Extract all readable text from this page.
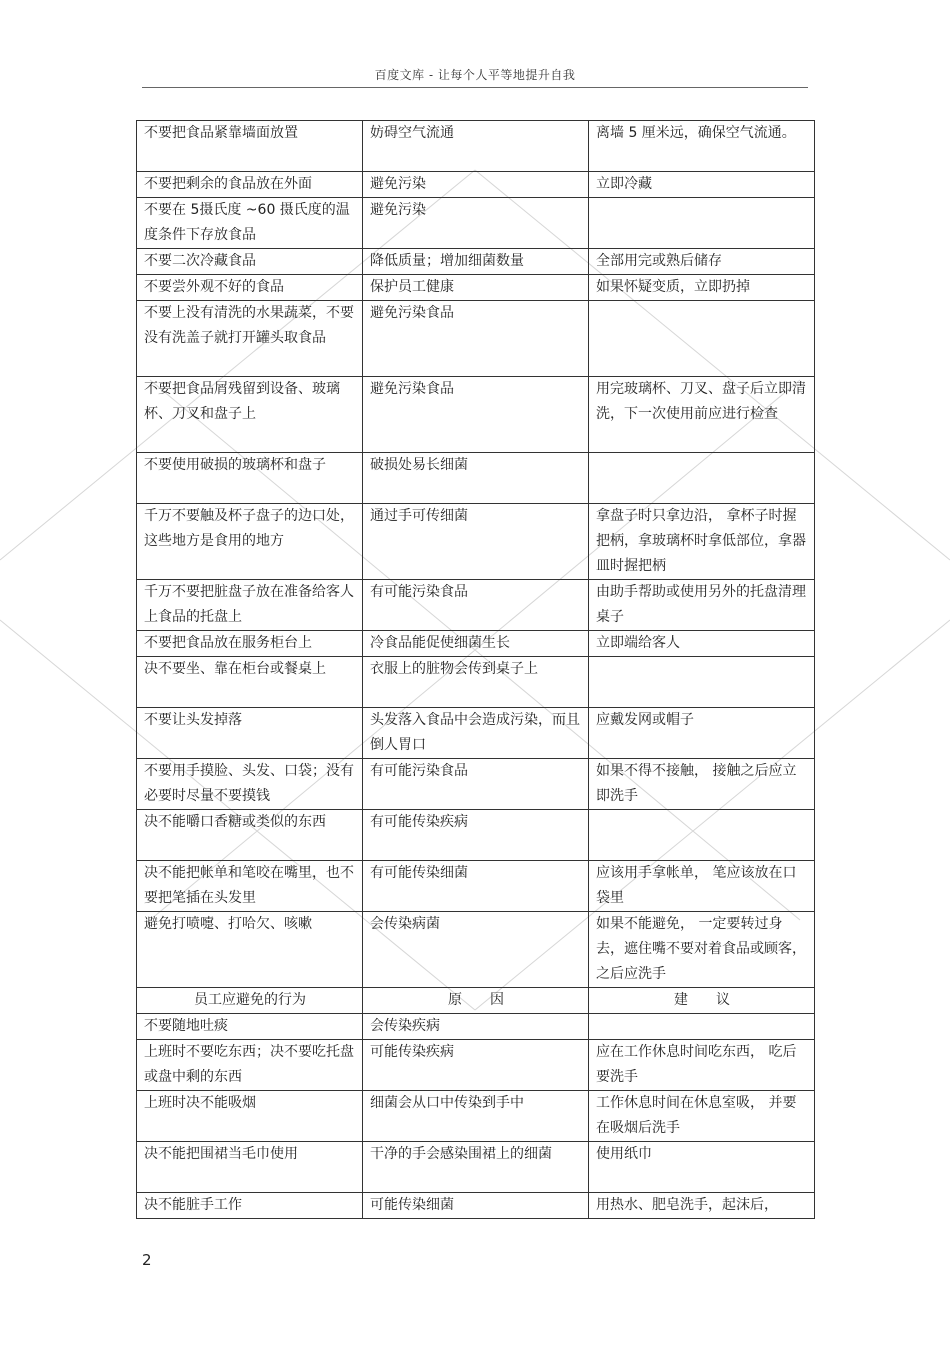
百度文库 - 让每个人平等地提升自我
不要把食品紧靠墙面放置	妨碍空气流通	离墙 5 厘米远，确保空气流通。
不要把剩余的食品放在外面	避免污染	立即冷藏
不要在 5摄氏度 ~60 摄氏度的温度条件下存放食品	避免污染	
不要二次冷藏食品	降低质量；增加细菌数量	全部用完或熟后储存
不要尝外观不好的食品	保护员工健康	如果怀疑变质，立即扔掉
不要上没有清洗的水果蔬菜，不要没有洗盖子就打开罐头取食品	避免污染食品	
不要把食品屑残留到设备、玻璃杯、刀叉和盘子上	避免污染食品	用完玻璃杯、刀叉、盘子后立即清洗，下一次使用前应进行检查
不要使用破损的玻璃杯和盘子	破损处易长细菌	
千万不要触及杯子盘子的边口处，这些地方是食用的地方	通过手可传细菌	拿盘子时只拿边沿， 拿杯子时握把柄，拿玻璃杯时拿低部位，拿器皿时握把柄
千万不要把脏盘子放在准备给客人上食品的托盘上	有可能污染食品	由助手帮助或使用另外的托盘清理桌子
不要把食品放在服务柜台上	冷食品能促使细菌生长	立即端给客人
决不要坐、靠在柜台或餐桌上	衣服上的脏物会传到桌子上	
不要让头发掉落	头发落入食品中会造成污染，而且倒人胃口	应戴发网或帽子
不要用手摸脸、头发、口袋；没有必要时尽量不要摸钱	有可能污染食品	如果不得不接触， 接触之后应立即洗手
决不能嚼口香糖或类似的东西	有可能传染疾病	
决不能把帐单和笔咬在嘴里，也不要把笔插在头发里	有可能传染细菌	应该用手拿帐单， 笔应该放在口袋里
避免打喷嚏、打哈欠、咳嗽	会传染病菌	如果不能避免， 一定要转过身去，遮住嘴不要对着食品或顾客，之后应洗手
员工应避免的行为	原　　因	建　　议
不要随地吐痰	会传染疾病	
上班时不要吃东西；决不要吃托盘或盘中剩的东西	可能传染疾病	应在工作休息时间吃东西， 吃后要洗手
上班时决不能吸烟	细菌会从口中传染到手中	工作休息时间在休息室吸， 并要在吸烟后洗手
决不能把围裙当毛巾使用	干净的手会感染围裙上的细菌	使用纸巾
决不能脏手工作	可能传染细菌	用热水、肥皂洗手，起沫后，
2
